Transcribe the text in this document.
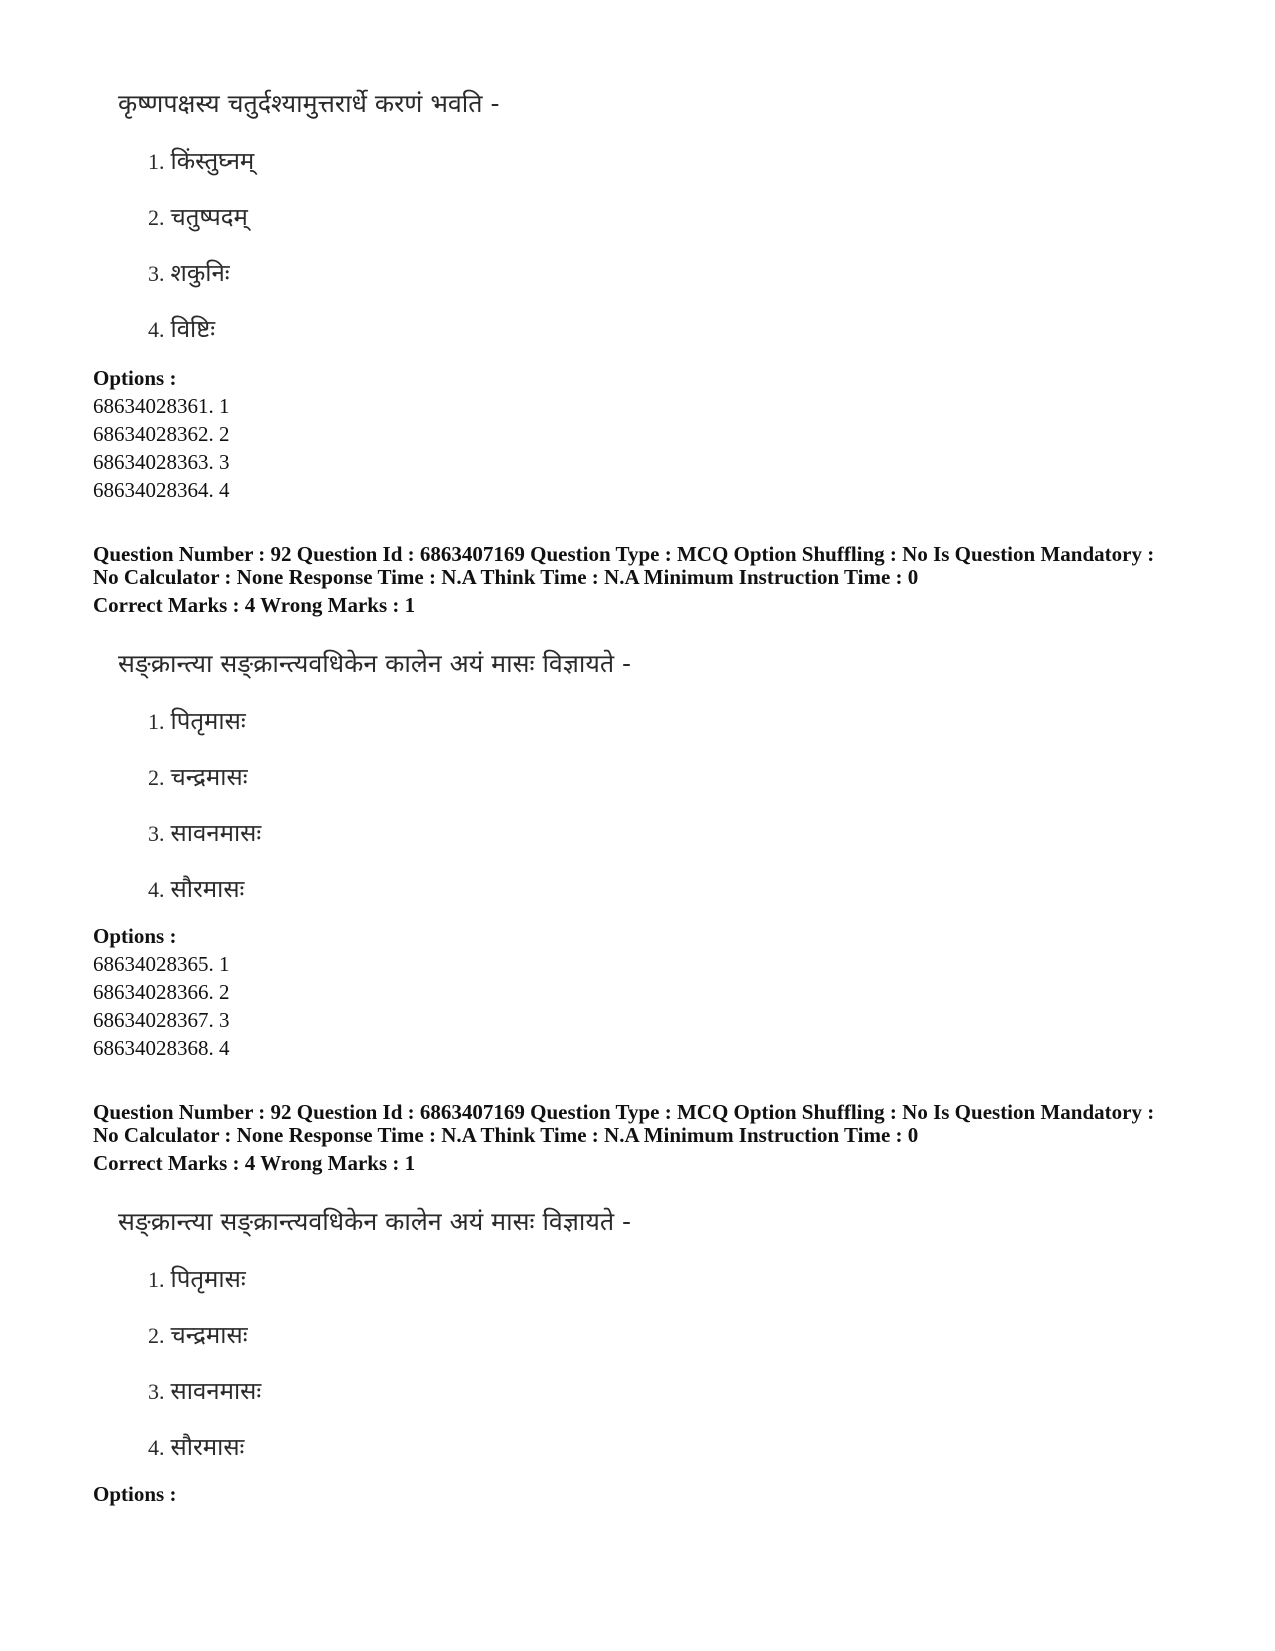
कृष्णपक्षस्य चतुर्दश्यामुत्तरार्धे करणं भवति -
1. किंस्तुघ्नम्
2. चतुष्पदम्
3. शकुनिः
4. विष्टिः
Options :
68634028361. 1
68634028362. 2
68634028363. 3
68634028364. 4
Question Number : 92 Question Id : 6863407169 Question Type : MCQ Option Shuffling : No Is Question Mandatory :
No Calculator : None Response Time : N.A Think Time : N.A Minimum Instruction Time : 0
Correct Marks : 4 Wrong Marks : 1
सङ्क्रान्त्या सङ्क्रान्त्यवधिकेन कालेन अयं मासः विज्ञायते -
1. पितृमासः
2. चन्द्रमासः
3. सावनमासः
4. सौरमासः
Options :
68634028365. 1
68634028366. 2
68634028367. 3
68634028368. 4
Question Number : 92 Question Id : 6863407169 Question Type : MCQ Option Shuffling : No Is Question Mandatory :
No Calculator : None Response Time : N.A Think Time : N.A Minimum Instruction Time : 0
Correct Marks : 4 Wrong Marks : 1
सङ्क्रान्त्या सङ्क्रान्त्यवधिकेन कालेन अयं मासः विज्ञायते -
1. पितृमासः
2. चन्द्रमासः
3. सावनमासः
4. सौरमासः
Options :
